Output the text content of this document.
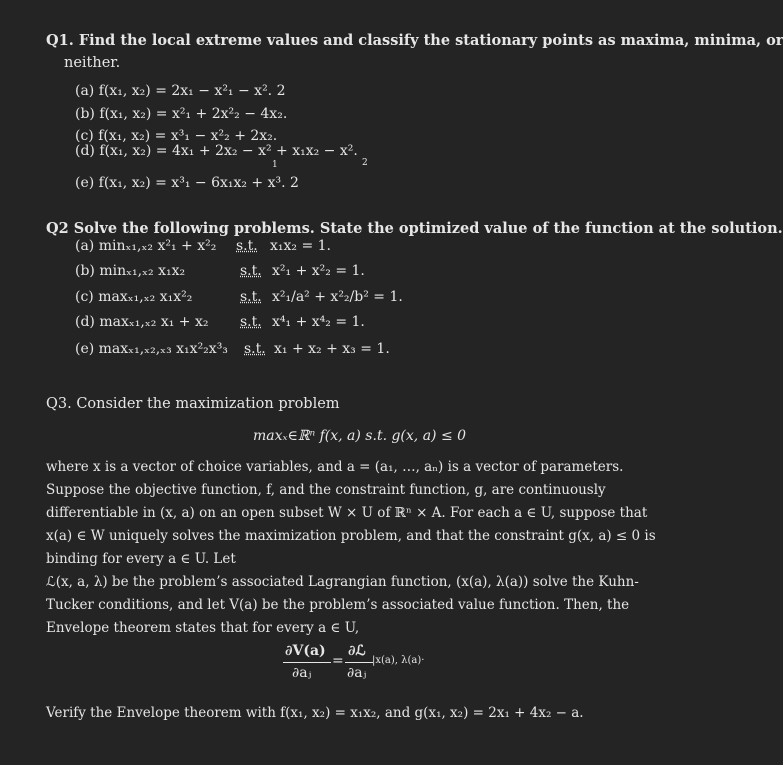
Q1. Find the local extreme values and classify the stationary points as maxima, minima, or
neither.
(a) f(x₁, x₂) = 2x₁ − x²₁ − x². 2
(b) f(x₁, x₂) = x²₁ + 2x²₂ − 4x₂.
(c) f(x₁, x₂) = x³₁ − x²₂ + 2x₂.
(d) f(x₁, x₂) = 4x₁ + 2x₂ − x² + x₁x₂ − x².
1	2
(e) f(x₁, x₂) = x³₁ − 6x₁x₂ + x³. 2
Q2 Solve the following problems. State the optimized value of the function at the solution.
(a) minₓ₁,ₓ₂ x²₁ + x²₂ s.t. x₁x₂ = 1.
(b) minₓ₁,ₓ₂ x₁x₂	s.t. x²₁ + x²₂ = 1.
(c) maxₓ₁,ₓ₂ x₁x²₂	s.t. x²₁/a² + x²₂/b² = 1.
(d) maxₓ₁,ₓ₂ x₁ + x₂ s.t. x⁴₁ + x⁴₂ = 1.
(e) maxₓ₁,ₓ₂,ₓ₃ x₁x²₂x³₃ s.t. x₁ + x₂ + x₃ = 1.
Q3. Consider the maximization problem
maxₓ∈ℝⁿ f(x, a) s.t. g(x, a) ≤ 0
where x is a vector of choice variables, and a = (a₁, …, aₙ) is a vector of parameters.
Suppose the objective function, f, and the constraint function, g, are continuously
differentiable in (x, a) on an open subset W × U of ℝⁿ × A. For each a ∈ U, suppose that
x(a) ∈ W uniquely solves the maximization problem, and that the constraint g(x, a) ≤ 0 is
binding for every a ∈ U. Let
ℒ(x, a, λ) be the problem’s associated Lagrangian function, (x(a), λ(a)) solve the Kuhn-
Tucker conditions, and let V(a) be the problem’s associated value function. Then, the
Envelope theorem states that for every a ∈ U,
∂V(a)
∂aⱼ
=
∂ℒ
∂aⱼ
|x(a), λ(a)·
Verify the Envelope theorem with f(x₁, x₂) = x₁x₂, and g(x₁, x₂) = 2x₁ + 4x₂ − a.
